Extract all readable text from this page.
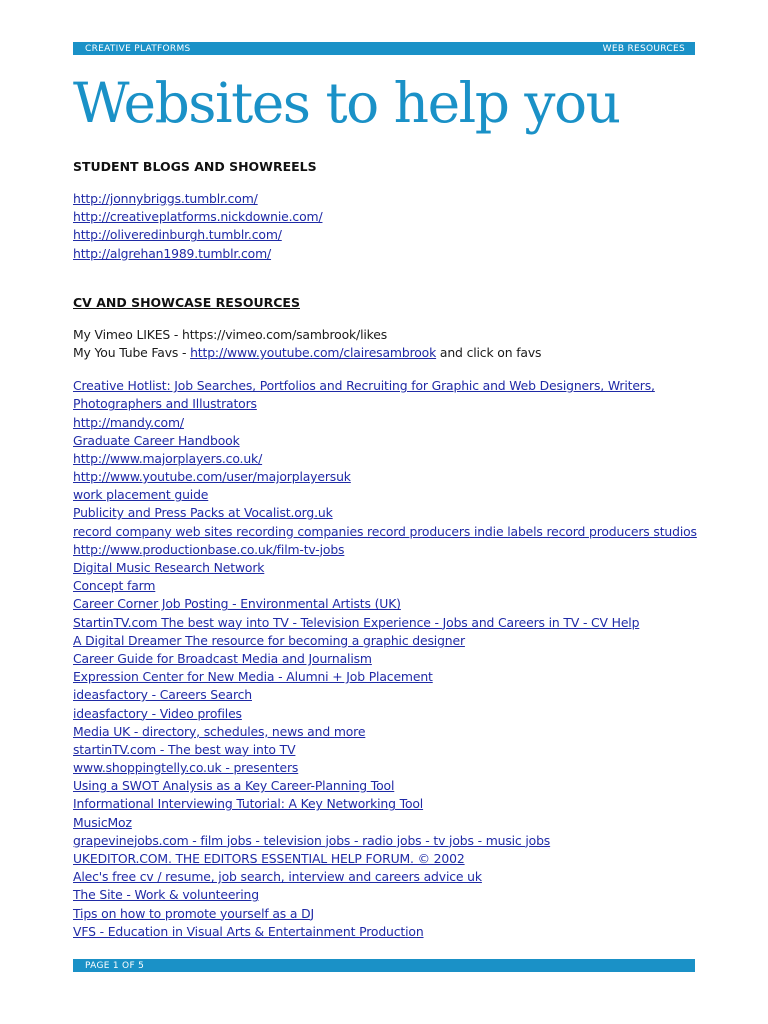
CREATIVE PLATFORMS	WEB RESOURCES
Websites to help you
STUDENT BLOGS AND SHOWREELS
http://jonnybriggs.tumblr.com/
http://creativeplatforms.nickdownie.com/
http://oliveredinburgh.tumblr.com/
http://algrehan1989.tumblr.com/
CV AND SHOWCASE RESOURCES
My Vimeo LIKES - https://vimeo.com/sambrook/likes
My You Tube Favs - http://www.youtube.com/clairesambrook and click on favs
Creative Hotlist: Job Searches, Portfolios and Recruiting for Graphic and Web Designers, Writers,
Photographers and Illustrators
http://mandy.com/
Graduate Career Handbook
http://www.majorplayers.co.uk/
http://www.youtube.com/user/majorplayersuk
work placement guide
Publicity and Press Packs at Vocalist.org.uk
record company web sites recording companies record producers indie labels record producers studios
http://www.productionbase.co.uk/film-tv-jobs
Digital Music Research Network
Concept farm
Career Corner Job Posting - Environmental Artists (UK)
StartinTV.com The best way into TV - Television Experience - Jobs and Careers in TV - CV Help
A Digital Dreamer The resource for becoming a graphic designer
Career Guide for Broadcast Media and Journalism
Expression Center for New Media - Alumni + Job Placement
ideasfactory - Careers Search
ideasfactory - Video profiles
Media UK - directory, schedules, news and more
startinTV.com - The best way into TV
www.shoppingtelly.co.uk - presenters
Using a SWOT Analysis as a Key Career-Planning Tool
Informational Interviewing Tutorial: A Key Networking Tool
MusicMoz
grapevinejobs.com - film jobs - television jobs - radio jobs - tv jobs - music jobs
UKEDITOR.COM. THE EDITORS ESSENTIAL HELP FORUM. © 2002
Alec's free cv / resume, job search, interview and careers advice uk
The Site - Work & volunteering
Tips on how to promote yourself as a DJ
VFS - Education in Visual Arts & Entertainment Production
PAGE 1 OF 5
